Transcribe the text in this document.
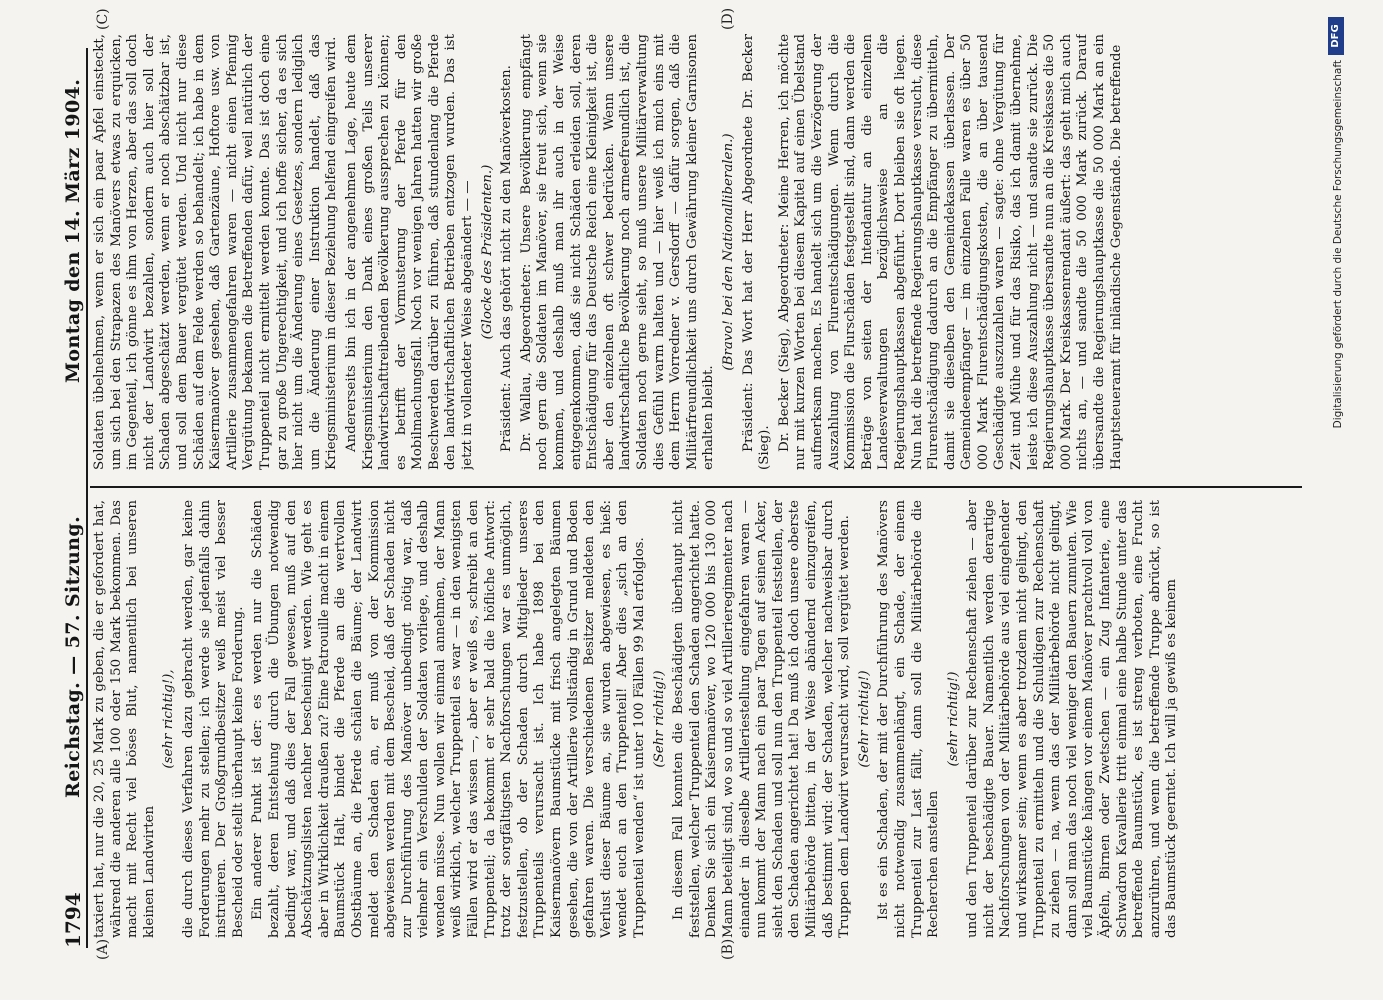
1794
Reichstag. — 57. Sitzung.
Montag den 14. März 1904.
(A)	(B)
(C)	(D)

taxiert hat, nur die 20, 25 Mark zu geben, die er gefordert hat, während die anderen alle 100 oder 150 Mark bekommen. Das macht mit Recht viel böses Blut, namentlich bei unseren kleinen Landwirten

(sehr richtig!), die durch dieses Verfahren dazu gebracht werden, gar keine Forderungen mehr zu stellen; ich werde sie jedenfalls dahin instruieren. Der Großgrundbesitzer weiß meist viel besser Bescheid oder stellt überhaupt keine Forderung. Ein anderer Punkt ist der: es werden nur die Schäden bezahlt, deren Entstehung durch die Übungen notwendig bedingt war, und daß dies der Fall gewesen, muß auf den Abschätzungslisten nachher bescheinigt werden. Wie geht es aber in Wirklichkeit draußen zu? Eine Patrouille macht in einem Baumstück Halt, bindet die Pferde an die wertvollen Obstbäume an, die Pferde schälen die Bäume; der Landwirt meldet den Schaden an, er muß von der Kommission abgewiesen werden mit dem Bescheid, daß der Schaden nicht zur Durchführung des Manöver unbedingt nötig war, daß vielmehr ein Verschulden der Soldaten vorliege, und deshalb wenden müsse. Nun wollen wir einmal annehmen, der Mann weiß wirklich, welcher Truppenteil es war — in den wenigsten Fällen wird er das wissen —, aber er weiß es, schreibt an den Truppenteil; da bekommt er sehr bald die höfliche Antwort: trotz der sorgfältigsten Nachforschungen war es unmöglich, festzustellen, ob der Schaden durch Mitglieder unseres Truppenteils verursacht ist. Ich habe 1898 bei den Kaisermanövern Baumstücke mit frisch angelegten Bäumen gesehen, die von der Artillerie vollständig in Grund und Boden gefahren waren. Die verschiedenen Besitzer meldeten den Verlust dieser Bäume an, sie wurden abgewiesen, es hieß: wendet euch an den Truppenteil! Aber dies „sich an den Truppenteil wenden“ ist unter 100 Fällen 99 Mal erfolglos. (Sehr richtig!) In diesem Fall konnten die Beschädigten überhaupt nicht feststellen, welcher Truppenteil den Schaden angerichtet hatte. Denken Sie sich ein Kaisermanöver, wo 120 000 bis 130 000 Mann beteiligt sind, wo so und so viel Artillerieregimenter nach einander in dieselbe Artilleriestellung eingefahren waren — nun kommt der Mann nach ein paar Tagen auf seinen Acker, sieht den Schaden und soll nun den Truppenteil feststellen, der den Schaden angerichtet hat! Da muß ich doch unsere oberste Militärbehörde bitten, in der Weise abändernd einzugreifen, daß bestimmt wird: der Schaden, welcher nachweisbar durch Truppen dem Landwirt verursacht wird, soll vergütet werden. (Sehr richtig!) Ist es ein Schaden, der mit der Durchführung des Manövers nicht notwendig zusammenhängt, ein Schade, der einem Truppenteil zur Last fällt, dann soll die Militärbehörde die Recherchen anstellen

(sehr richtig!) und den Truppenteil darüber zur Rechenschaft ziehen — aber nicht der beschädigte Bauer. Namentlich werden derartige Nachforschungen von der Militärbehörde aus viel eingehender und wirksamer sein; wenn es aber trotzdem nicht gelingt, den Truppenteil zu ermitteln und die Schuldigen zur Rechenschaft zu ziehen — na, wenn das der Militärbehörde nicht gelingt, dann soll man das noch viel weniger den Bauern zumuten. Wie viel Baumstücke hängen vor einem Manöver prachtvoll voll von Äpfeln, Birnen oder Zwetschen — ein Zug Infanterie, eine Schwadron Kavallerie tritt einmal eine halbe Stunde unter das betreffende Baumstück, es ist streng verboten, eine Frucht anzurühren, und wenn die betreffende Truppe abrückt, so ist das Baumstück geerntet. Ich will ja gewiß es keinem

Soldaten übelnehmen, wenn er sich ein paar Äpfel einsteckt, um sich bei den Strapazen des Manövers etwas zu erquicken, im Gegenteil, ich gönne es ihm von Herzen, aber das soll doch nicht der Landwirt bezahlen, sondern auch hier soll der Schaden abgeschätzt werden, wenn er noch abschätzbar ist, und soll dem Bauer vergütet werden. Und nicht nur diese Schäden auf dem Felde werden so behandelt; ich habe in dem Kaisermanöver gesehen, daß Gartenzäune, Hoftore usw. von Artillerie zusammengefahren waren — nicht einen Pfennig Vergütung bekamen die Betreffenden dafür, weil natürlich der Truppenteil nicht ermittelt werden konnte. Das ist doch eine gar zu große Ungerechtigkeit, und ich hoffe sicher, da es sich hier nicht um die Änderung eines Gesetzes, sondern lediglich um die Änderung einer Instruktion handelt, daß das Kriegsministerium in dieser Beziehung helfend eingreifen wird. Andererseits bin ich in der angenehmen Lage, heute dem Kriegsministerium den Dank eines großen Teils unserer landwirtschafttreibenden Bevölkerung aussprechen zu können; es betrifft der Vormusterung der Pferde für den Mobilmachungsfall. Noch vor wenigen Jahren hatten wir große Beschwerden darüber zu führen, daß stundenlang die Pferde den landwirtschaftlichen Betrieben entzogen wurden. Das ist jetzt in vollendeter Weise abgeändert — — (Glocke des Präsidenten.) Präsident: Auch das gehört nicht zu den Manöverkosten. Dr. Wallau, Abgeordneter: Unsere Bevölkerung empfängt noch gern die Soldaten im Manöver, sie freut sich, wenn sie kommen, und deshalb muß man ihr auch in der Weise entgegenkommen, daß sie nicht Schäden erleiden soll, deren Entschädigung für das Deutsche Reich eine Kleinigkeit ist, die aber den einzelnen oft schwer bedrücken. Wenn unsere landwirtschaftliche Bevölkerung noch armeefreundlich ist, die Soldaten noch gerne sieht, so muß unsere Militärverwaltung dies Gefühl warm halten und — hier weiß ich mich eins mit dem Herrn Vorredner v. Gersdorff — dafür sorgen, daß die Militärfreundlichkeit uns durch Gewährung kleiner Garnisonen erhalten bleibt.

(Bravo! bei den Nationalliberalen.) Präsident: Das Wort hat der Herr Abgeordnete Dr. Becker (Sieg). Dr. Becker (Sieg), Abgeordneter: Meine Herren, ich möchte nur mit kurzen Worten bei diesem Kapitel auf einen Übelstand aufmerksam machen. Es handelt sich um die Verzögerung der Auszahlung von Flurentschädigungen. Wenn durch die Kommission die Flurschäden festgestellt sind, dann werden die Beträge von seiten der Intendantur an die einzelnen Landesverwaltungen bezüglichsweise an die Regierungshauptkassen abgeführt. Dort bleiben sie oft liegen. Nun hat die betreffende Regierungshauptkasse versucht, diese Flurentschädigung dadurch an die Empfänger zu übermitteln, damit sie dieselben den Gemeindekassen überlassen. Der Gemeindeempfänger — im einzelnen Falle waren es über 50 000 Mark Flurentschädigungskosten, die an über tausend Geschädigte auszuzahlen waren — sagte: ohne Vergütung für Zeit und Mühe und für das Risiko, das ich damit übernehme, leiste ich diese Auszahlung nicht — und sandte sie zurück. Die Regierungshauptkasse übersandte nun an die Kreiskasse die 50 000 Mark. Der Kreiskassenrendant äußert: das geht mich auch nichts an, — und sandte die 50 000 Mark zurück. Darauf übersandte die Regierungshauptkasse die 50 000 Mark an ein Hauptsteueramt für inländische Gegenstände. Die betreffende	Digitalisierung gefördert durch die Deutsche Forschungsgemeinschaft
DFG
